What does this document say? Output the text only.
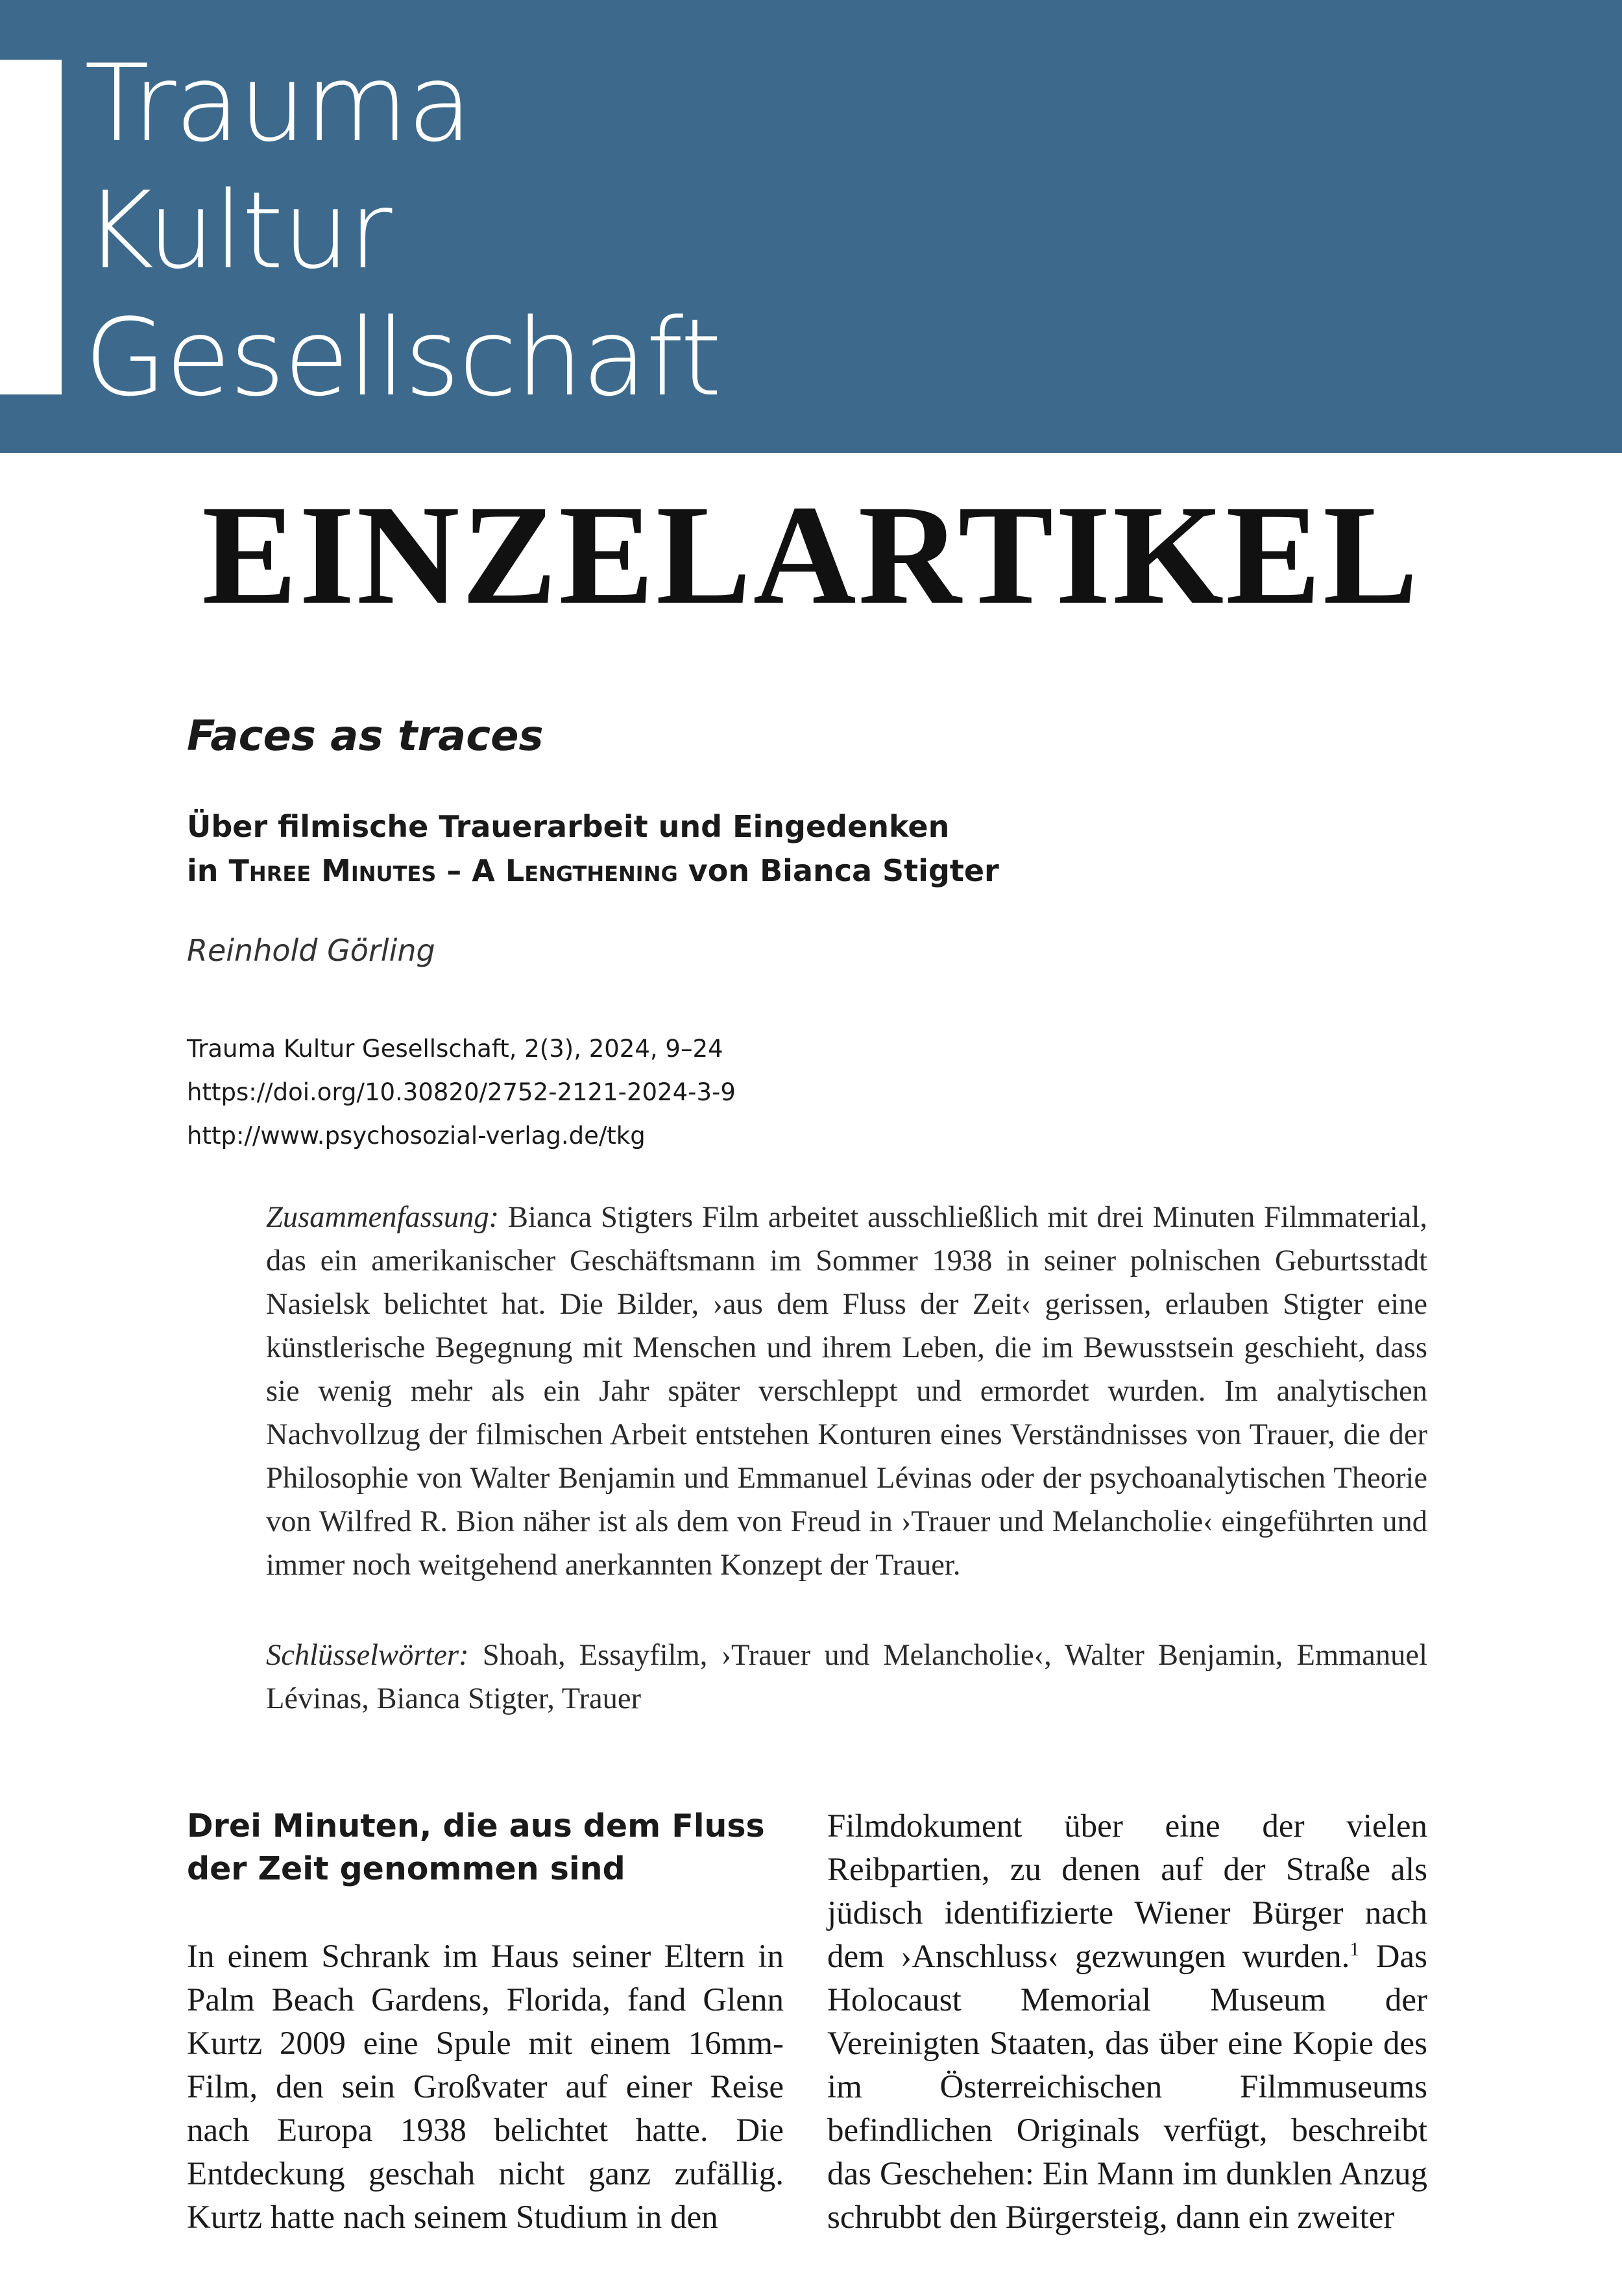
Trauma
Kultur
Gesellschaft
EINZELARTIKEL
Faces as traces
Über filmische Trauerarbeit und Eingedenken
in Three Minutes – A Lengthening von Bianca Stigter
Reinhold Görling
Trauma Kultur Gesellschaft, 2(3), 2024, 9–24
https://doi.org/10.30820/2752-2121-2024-3-9
http://www.psychosozial-verlag.de/tkg
Zusammenfassung: Bianca Stigters Film arbeitet ausschließlich mit drei Minuten Filmmaterial, das ein amerikanischer Geschäftsmann im Sommer 1938 in seiner polnischen Geburtsstadt Nasielsk belichtet hat. Die Bilder, ›aus dem Fluss der Zeit‹ gerissen, erlauben Stigter eine künstlerische Begegnung mit Menschen und ihrem Leben, die im Bewusstsein geschieht, dass sie wenig mehr als ein Jahr später verschleppt und ermordet wurden. Im analytischen Nachvollzug der filmischen Arbeit entstehen Konturen eines Verständnisses von Trauer, die der Philosophie von Walter Benjamin und Emmanuel Lévinas oder der psychoanalytischen Theorie von Wilfred R. Bion näher ist als dem von Freud in ›Trauer und Melancholie‹ eingeführten und immer noch weitgehend anerkannten Konzept der Trauer.
Schlüsselwörter: Shoah, Essayfilm, ›Trauer und Melancholie‹, Walter Benjamin, Emmanuel Lévinas, Bianca Stigter, Trauer
Drei Minuten, die aus dem Fluss der Zeit genommen sind
In einem Schrank im Haus seiner Eltern in Palm Beach Gardens, Florida, fand Glenn Kurtz 2009 eine Spule mit einem 16mm-Film, den sein Großvater auf einer Reise nach Europa 1938 belichtet hatte. Die Entdeckung geschah nicht ganz zufällig. Kurtz hatte nach seinem Studium in den
Filmdokument über eine der vielen Reibpartien, zu denen auf der Straße als jüdisch identifizierte Wiener Bürger nach dem ›Anschluss‹ gezwungen wurden.$^1$ Das Holocaust Memorial Museum der Vereinigten Staaten, das über eine Kopie des im Österreichischen Filmmuseums befindlichen Originals verfügt, beschreibt das Geschehen: Ein Mann im dunklen Anzug schrubbt den Bürgersteig, dann ein zweiter
